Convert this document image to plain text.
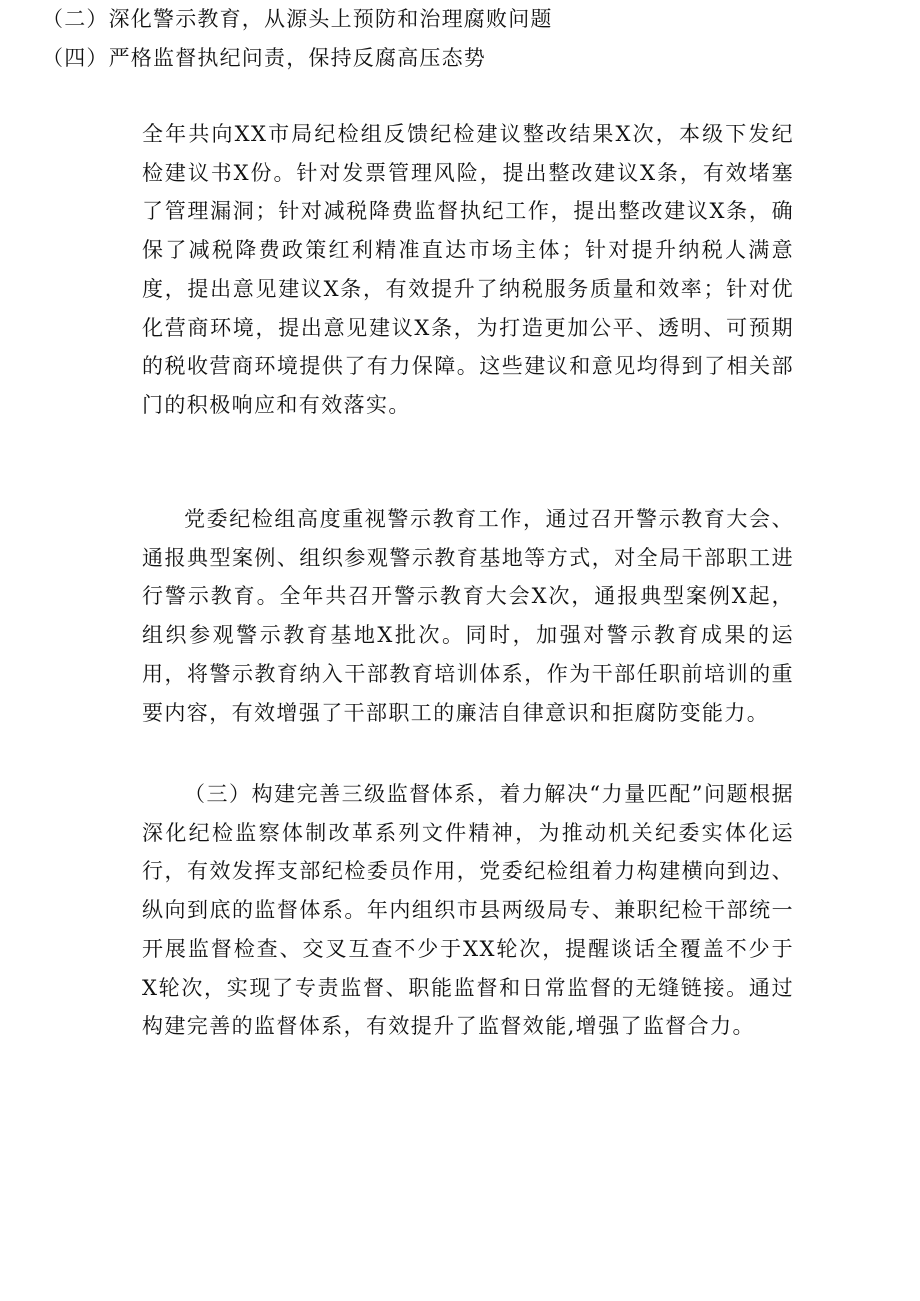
全年共向XX市局纪检组反馈纪检建议整改结果X次，本级下发纪检建议书X份。针对发票管理风险，提出整改建议X条，有效堵塞了管理漏洞；针对减税降费监督执纪工作，提出整改建议X条，确保了减税降费政策红利精准直达市场主体；针对提升纳税人满意度，提出意见建议X条，有效提升了纳税服务质量和效率；针对优化营商环境，提出意见建议X条，为打造更加公平、透明、可预期的税收营商环境提供了有力保障。这些建议和意见均得到了相关部门的积极响应和有效落实。
（二）深化警示教育，从源头上预防和治理腐败问题
党委纪检组高度重视警示教育工作，通过召开警示教育大会、通报典型案例、组织参观警示教育基地等方式，对全局干部职工进行警示教育。全年共召开警示教育大会X次，通报典型案例X起，组织参观警示教育基地X批次。同时，加强对警示教育成果的运用，将警示教育纳入干部教育培训体系，作为干部任职前培训的重要内容，有效增强了干部职工的廉洁自律意识和拒腐防变能力。
（三）构建完善三级监督体系，着力解决“力量匹配”问题根据深化纪检监察体制改革系列文件精神，为推动机关纪委实体化运行，有效发挥支部纪检委员作用，党委纪检组着力构建横向到边、纵向到底的监督体系。年内组织市县两级局专、兼职纪检干部统一开展监督检查、交叉互查不少于XX轮次，提醒谈话全覆盖不少于X轮次，实现了专责监督、职能监督和日常监督的无缝链接。通过构建完善的监督体系，有效提升了监督效能,增强了监督合力。
（四）严格监督执纪问责，保持反腐高压态势
